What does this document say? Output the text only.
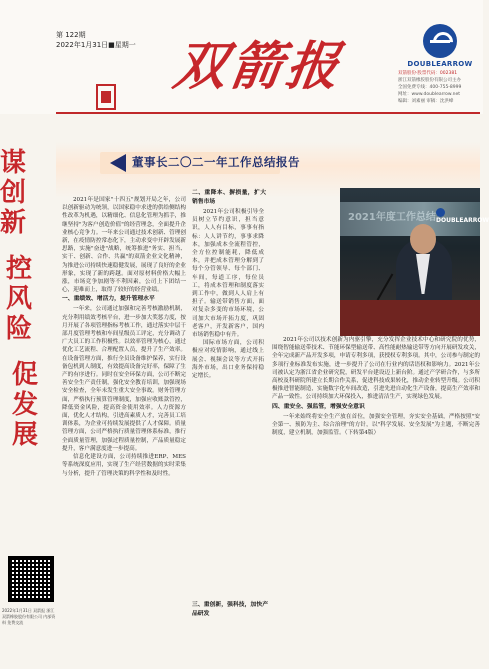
第 122期
2022年1月31日■星期一 双箭报	DOUBLEARROW
双箭股份·股票代码：002381
浙江双箭橡胶股份有限公司主办
全国免费专线：400-755-8999
网址：www.doublearrow.net
编辑：刘素丽 审稿：沈洪峰
谋
创
新
控
风
险
促
发
展
2022年1月31日 双箭报 浙江双箭橡胶股份有限公司 内部资料 免费交流
董事长二〇二一年工作总结报告
2021年度工作总结 DOUBLEARROW

2021年是国家"十四五"规划开局之年，公司以创新驱动为统领，以国家稳中求进的供给侧结构性改革为机遇，以精细化、信息化管理为抓手，推继坚持"为客户创造价值"的经营理念，全面提升企业核心竞争力。一年来公司通过技术创新、管理创新，在疫情防控常态化下，主动求变中开辟发展新思路，实施"奋进"战略，统筹推进"务实、担当、实干、创新、合作、共赢"的双箭企业文化精神，为推进公司持续快速稳健发展，展现了良好的企业形象，实现了新的跨越。面对原材料价格大幅上涨，市场竞争加剧等不利因素，公司上下团结一心，迎难而上，取得了较好的经营业绩。

一、重绩效、增活力，提升管理水平

一年来，公司通过加强和完善考核激励机制，充分利用绩效考核平台，进一步加大奖惩力度，按月开展了各项管理指标考核工作，通过落实中层干部月度管理考核和车间星级员工评定，充分调动了广大员工的工作积极性。以效率管理为核心，通过优化工艺流程、合理配置人员，提升了生产效率。在设备管理方面，推行全员设备维护保养，实行设备包机到人制度，有效提高设备完好率，保障了生产的有序进行。同时在安全环保方面，公司不断完善安全生产责任制，强化安全教育培训，加强现场安全检查，全年未发生重大安全事故。财务管理方面，严格执行预算管理制度，加强应收账款管控，降低资金风险，提高资金使用效率。人力资源方面，优化人才结构，引进高素质人才，完善员工培训体系，为企业可持续发展提供了人才保障。质量管理方面，公司严格执行质量管理体系标准，推行全面质量管理，加强过程质量控制，产品质量稳定提升，客户满意度进一步提高。

信息化建设方面，公司持续推进ERP、MES等系统深度应用，实现了生产经营数据的实时采集与分析，提升了管理决策的科学性和及时性。

二、重降本、摒损量，扩大销售市场

2021年公司积极引导全员树立节约意识，担当意识，人人有目标，事事有指标：人人讲节约，事事求降本，加强成本全流程管控，全方位控制能耗，降低成本，并把成本管理分解到了每个分管领导、每个部门、车间，每道工序，每位员工，将成本管理和制度落实到工作中，做到人人肩上有担子。输送带销售方面，面对复杂多变的市场环境，公司加大市场开拓力度，巩固老客户，开发新客户，国内市场销售稳中有升。

国际市场方面，公司积极应对疫情影响，通过线上展会、视频会议等方式开拓海外市场，出口业务保持稳定增长。

三、重创新，强科技，加快产品研发

2021年公司以技术创新为内驱引擎，充分发挥企业技术中心和研究院的优势，围绕智能输送带技术、节能环保型输送带、高性能耐热输送带等方向开展研发攻关，全年完成新产品开发多项，申请专利多项，获授权专利多项。其中，公司参与制定的多项行业标准发布实施，进一步提升了公司在行业内的话语权和影响力。2021年公司被认定为浙江省企业研究院，研发平台建设迈上新台阶。通过产学研合作，与多所高校及科研院所建立长期合作关系，促进科技成果转化，推动企业转型升级。公司积极推进智能制造，实施数字化车间改造，引进先进自动化生产设备，提高生产效率和产品一致性。公司持续加大环保投入，推进清洁生产，实现绿色发展。

四、重安全、强监管，增强安全意识

一年来始终将安全生产放在首位，加强安全管理，夯实安全基础，严格按照"安全第一、预防为主、综合治理"的方针，以"科学发展、安全发展"为主题，不断完善制度，建立机制，加强监管。（下转第4版）
